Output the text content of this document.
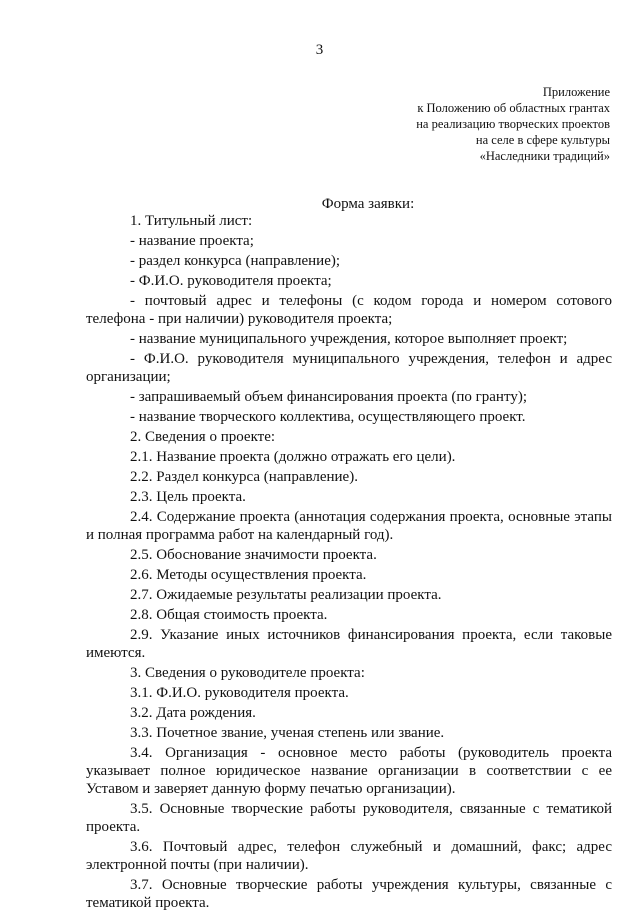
3
Приложение
к Положению об областных грантах
на реализацию творческих проектов
на селе в сфере культуры
«Наследники традиций»
Форма заявки:

1. Титульный лист:

- название проекта;

- раздел конкурса (направление);

- Ф.И.О. руководителя проекта;

- почтовый адрес и телефоны (с кодом города и номером сотового телефона - при наличии) руководителя проекта;

- название муниципального учреждения, которое выполняет проект;

- Ф.И.О. руководителя муниципального учреждения, телефон и адрес организации;

- запрашиваемый объем финансирования проекта (по гранту);

- название творческого коллектива, осуществляющего проект.

2. Сведения о проекте:

2.1. Название проекта (должно отражать его цели).

2.2. Раздел конкурса (направление).

2.3. Цель проекта.

2.4. Содержание проекта (аннотация содержания проекта, основные этапы и полная программа работ на календарный год).

2.5. Обоснование значимости проекта.

2.6. Методы осуществления проекта.

2.7. Ожидаемые результаты реализации проекта.

2.8. Общая стоимость проекта.

2.9. Указание иных источников финансирования проекта, если таковые имеются.

3. Сведения о руководителе проекта:

3.1. Ф.И.О. руководителя проекта.

3.2. Дата рождения.

3.3. Почетное звание, ученая степень или звание.

3.4. Организация - основное место работы (руководитель проекта указывает полное юридическое название организации в соответствии с ее Уставом и заверяет данную форму печатью организации).

3.5. Основные творческие работы руководителя, связанные с тематикой проекта.

3.6. Почтовый адрес, телефон служебный и домашний, факс; адрес электронной почты (при наличии).

3.7. Основные творческие работы учреждения культуры, связанные с тематикой проекта.
